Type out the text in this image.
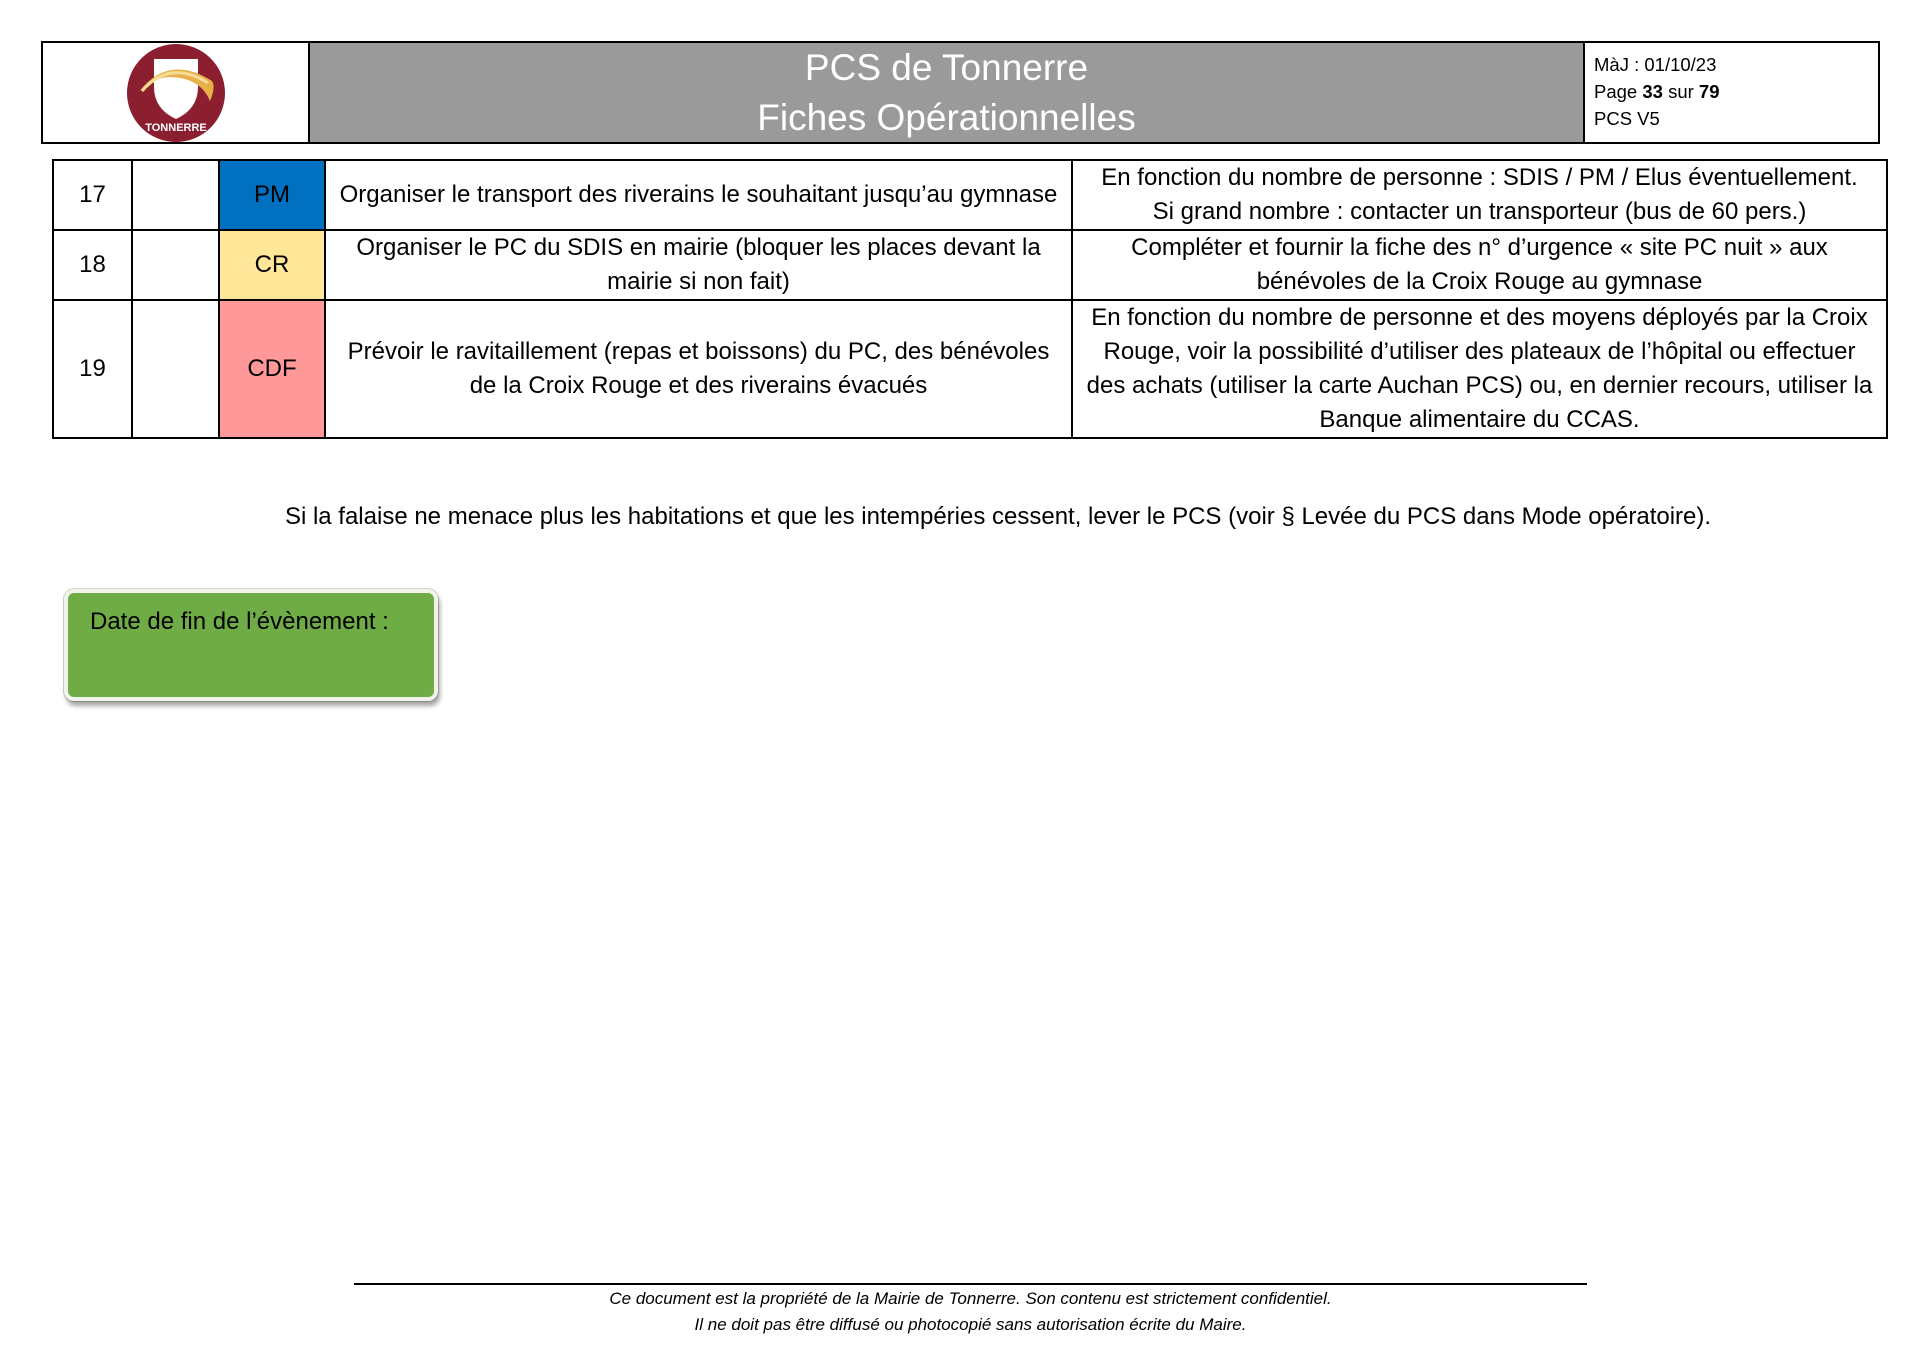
TONNERRE
PCS de Tonnerre
Fiches Opérationnelles
MàJ : 01/10/23
Page 33 sur 79
PCS V5
17		PM	Organiser le transport des riverains le souhaitant jusqu’au gymnase	En fonction du nombre de personne : SDIS / PM / Elus éventuellement.
Si grand nombre : contacter un transporteur (bus de 60 pers.)

18		CR	Organiser le PC du SDIS en mairie (bloquer les places devant la mairie si non fait)	Compléter et fournir la fiche des n° d’urgence « site PC nuit » aux bénévoles de la Croix Rouge au gymnase

19		CDF	Prévoir le ravitaillement (repas et boissons) du PC, des bénévoles de la Croix Rouge et des riverains évacués	En fonction du nombre de personne et des moyens déployés par la Croix Rouge, voir la possibilité d’utiliser des plateaux de l’hôpital ou effectuer des achats (utiliser la carte Auchan PCS) ou, en dernier recours, utiliser la Banque alimentaire du CCAS.
Si la falaise ne menace plus les habitations et que les intempéries cessent, lever le PCS (voir § Levée du PCS dans Mode opératoire).
Date de fin de l’évènement :
Ce document est la propriété de la Mairie de Tonnerre. Son contenu est strictement confidentiel.
Il ne doit pas être diffusé ou photocopié sans autorisation écrite du Maire.
